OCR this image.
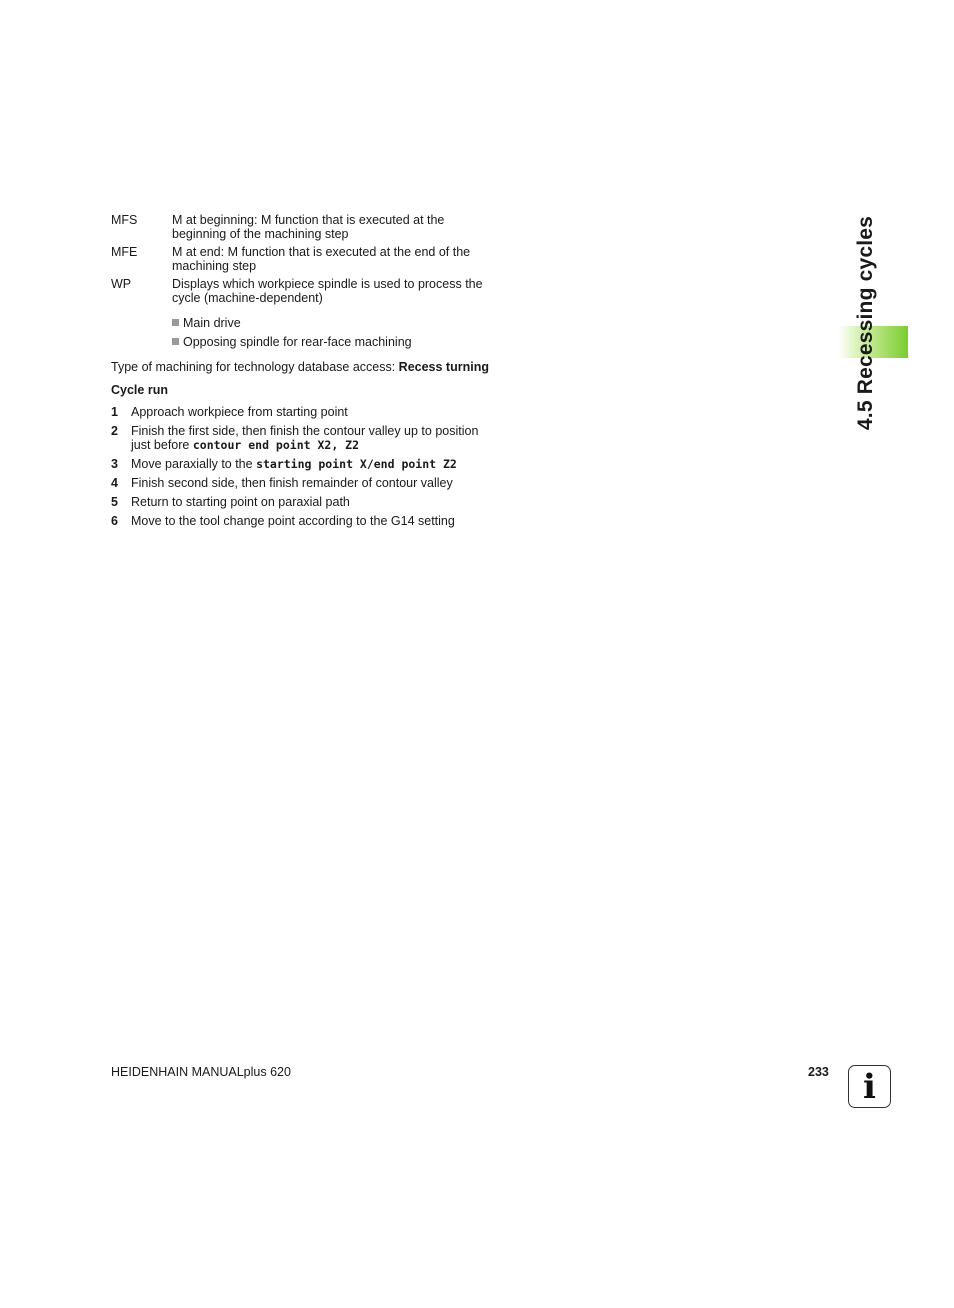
MFS	M at beginning: M function that is executed at the beginning of the machining step
MFE	M at end: M function that is executed at the end of the machining step
WP	Displays which workpiece spindle is used to process the cycle (machine-dependent)
Main drive
Opposing spindle for rear-face machining
Type of machining for technology database access: Recess turning
Cycle run
1	Approach workpiece from starting point
2	Finish the first side, then finish the contour valley up to position just before contour end point X2, Z2
3	Move paraxially to the starting point X/end point Z2
4	Finish second side, then finish remainder of contour valley
5	Return to starting point on paraxial path
6	Move to the tool change point according to the G14 setting
4.5 Recessing cycles
HEIDENHAIN MANUALplus 620	233	i
